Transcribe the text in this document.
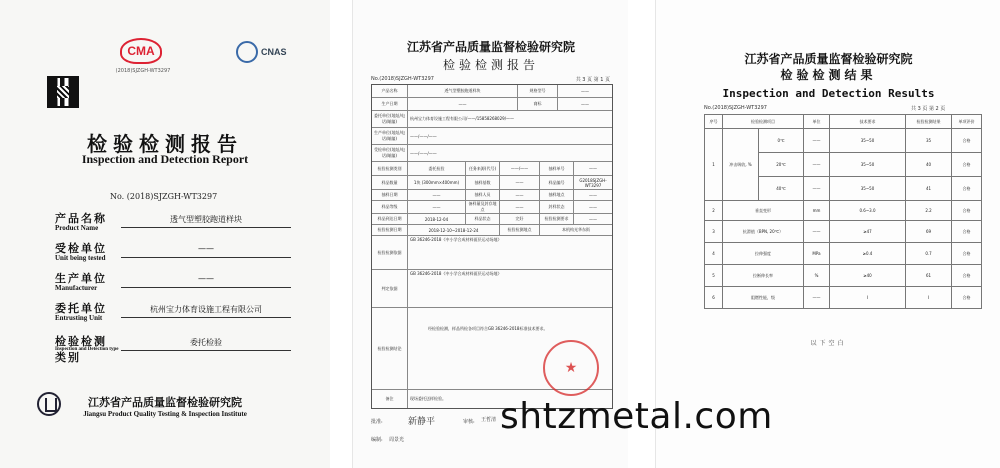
CMA
(2018)SJZGH-WT3297
CNAS
检验检测报告
Inspection and Detection Report
No. (2018)SJZGH-WT3297
产品名称
Product Name
透气型塑胶跑道样块
受检单位
Unit being tested
——
生产单位
Manufacturer
——
委托单位
Entrusting Unit
杭州宝力体育设施工程有限公司
检验检测类别
Inspection and Detection type
委托检验
江苏省产品质量监督检验研究院
Jiangsu Product Quality Testing & Inspection Institute
江苏省产品质量监督检验研究院
检验检测报告
No.(2018)SJZGH-WT3297	共 3 页 第 1 页
产品名称	透气型塑胶跑道样块	规格型号	——
生产日期	——	商标	——
委托单位(地址/电话/邮编)
杭州宝力体育设施工程有限公司/——/15858268029/——
生产单位(地址/电话/邮编)	——/——/——
受检单位(地址/电话/邮编)	——/——/——
检验检测类别	委托检验	任务来源(代号)	——/——	抽样单号	——
样品数量	1块 (300mm×400mm)	抽样基数	——	样品编号	G2018SJZGH-WT3297
抽样日期	——	抽样人员	——	抽样地点	——
样品等级	——
备样量及封存地点	——	封样状态	——
样品到达日期	2018-12-04	样品状态	完好	检验检测要求	——
检验检测日期	2018-12-10~2018-12-24	检验检测地点	本机构光华东街
检验检测依据
GB 36246-2018《中小学合成材料面层运动场地》
判定依据
GB 36246-2018《中小学合成材料面层运动场地》
检验检测结论
经检验检测，样品所检各项目符合GB 36246-2018标准技术要求。
备注	现场委托送样检验。
★
批准:	新静平	审核: 王哲清
编制: 周景光
江苏省产品质量监督检验研究院
检验检测结果
Inspection and Detection Results
No.(2018)SJZGH-WT3297	共 3 页 第 2 页
序号	检验检测项目		单位	技术要求	检验检测结果	单项评价
1	冲击吸收, %	0℃	——	35~50	35	合格
		20℃	——	35~50	40	合格
		40℃	——	35~50	41	合格
2	垂直变形		mm	0.6~3.0	2.2	合格
3	抗滑值（BPN, 20℃）		——	≥47	69	合格
4	拉伸强度		MPa	≥0.4	0.7	合格
5	拉断伸长率		%	≥40	61	合格
6	阻燃性能，级		——	I	I	合格
以下空白
shtzmetal.com
